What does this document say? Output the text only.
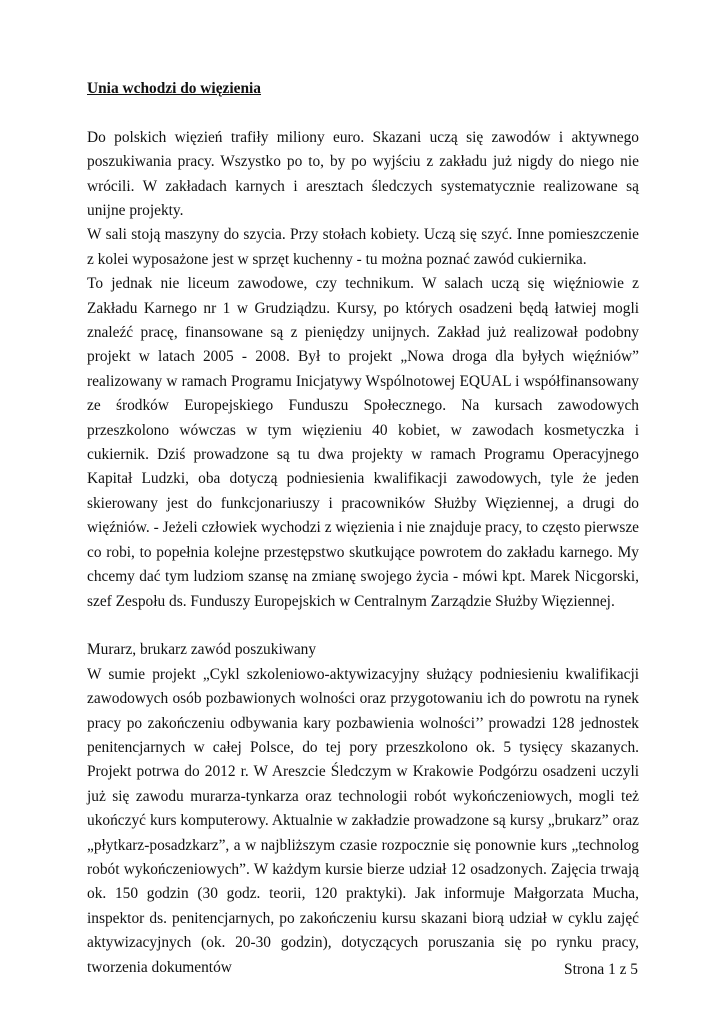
Unia wchodzi do więzienia

Do polskich więzień trafiły miliony euro. Skazani uczą się zawodów i aktywnego poszukiwania pracy. Wszystko po to, by po wyjściu z zakładu już nigdy do niego nie wrócili. W zakładach karnych i aresztach śledczych systematycznie realizowane są unijne projekty.

W sali stoją maszyny do szycia. Przy stołach kobiety. Uczą się szyć. Inne pomieszczenie z kolei wyposażone jest w sprzęt kuchenny - tu można poznać zawód cukiernika.

To jednak nie liceum zawodowe, czy technikum. W salach uczą się więźniowie z Zakładu Karnego nr 1 w Grudziądzu. Kursy, po których osadzeni będą łatwiej mogli znaleźć pracę, finansowane są z pieniędzy unijnych. Zakład już realizował podobny projekt w latach 2005 - 2008. Był to projekt „Nowa droga dla byłych więźniów” realizowany w ramach Programu Inicjatywy Wspólnotowej EQUAL i współfinansowany ze środków Europejskiego Funduszu Społecznego. Na kursach zawodowych przeszkolono wówczas w tym więzieniu 40 kobiet, w zawodach kosmetyczka i cukiernik. Dziś prowadzone są tu dwa projekty w ramach Programu Operacyjnego Kapitał Ludzki, oba dotyczą podniesienia kwalifikacji zawodowych, tyle że jeden skierowany jest do funkcjonariuszy i pracowników Służby Więziennej, a drugi do więźniów. - Jeżeli człowiek wychodzi z więzienia i nie znajduje pracy, to często pierwsze co robi, to popełnia kolejne przestępstwo skutkujące powrotem do zakładu karnego. My chcemy dać tym ludziom szansę na zmianę swojego życia - mówi kpt. Marek Nicgorski, szef Zespołu ds. Funduszy Europejskich w Centralnym Zarządzie Służby Więziennej.

Murarz, brukarz zawód poszukiwany

W sumie projekt „Cykl szkoleniowo-aktywizacyjny służący podniesieniu kwalifikacji zawodowych osób pozbawionych wolności oraz przygotowaniu ich do powrotu na rynek pracy po zakończeniu odbywania kary pozbawienia wolności’’ prowadzi 128 jednostek penitencjarnych w całej Polsce, do tej pory przeszkolono ok. 5 tysięcy skazanych. Projekt potrwa do 2012 r. W Areszcie Śledczym w Krakowie Podgórzu osadzeni uczyli już się zawodu murarza-tynkarza oraz technologii robót wykończeniowych, mogli też ukończyć kurs komputerowy. Aktualnie w zakładzie prowadzone są kursy „brukarz” oraz „płytkarz-posadzkarz”, a w najbliższym czasie rozpocznie się ponownie kurs „technolog robót wykończeniowych”. W każdym kursie bierze udział 12 osadzonych. Zajęcia trwają ok. 150 godzin (30 godz. teorii, 120 praktyki). Jak informuje Małgorzata Mucha, inspektor ds. penitencjarnych, po zakończeniu kursu skazani biorą udział w cyklu zajęć aktywizacyjnych (ok. 20-30 godzin), dotyczących poruszania się po rynku pracy, tworzenia dokumentów	Strona 1 z 5
